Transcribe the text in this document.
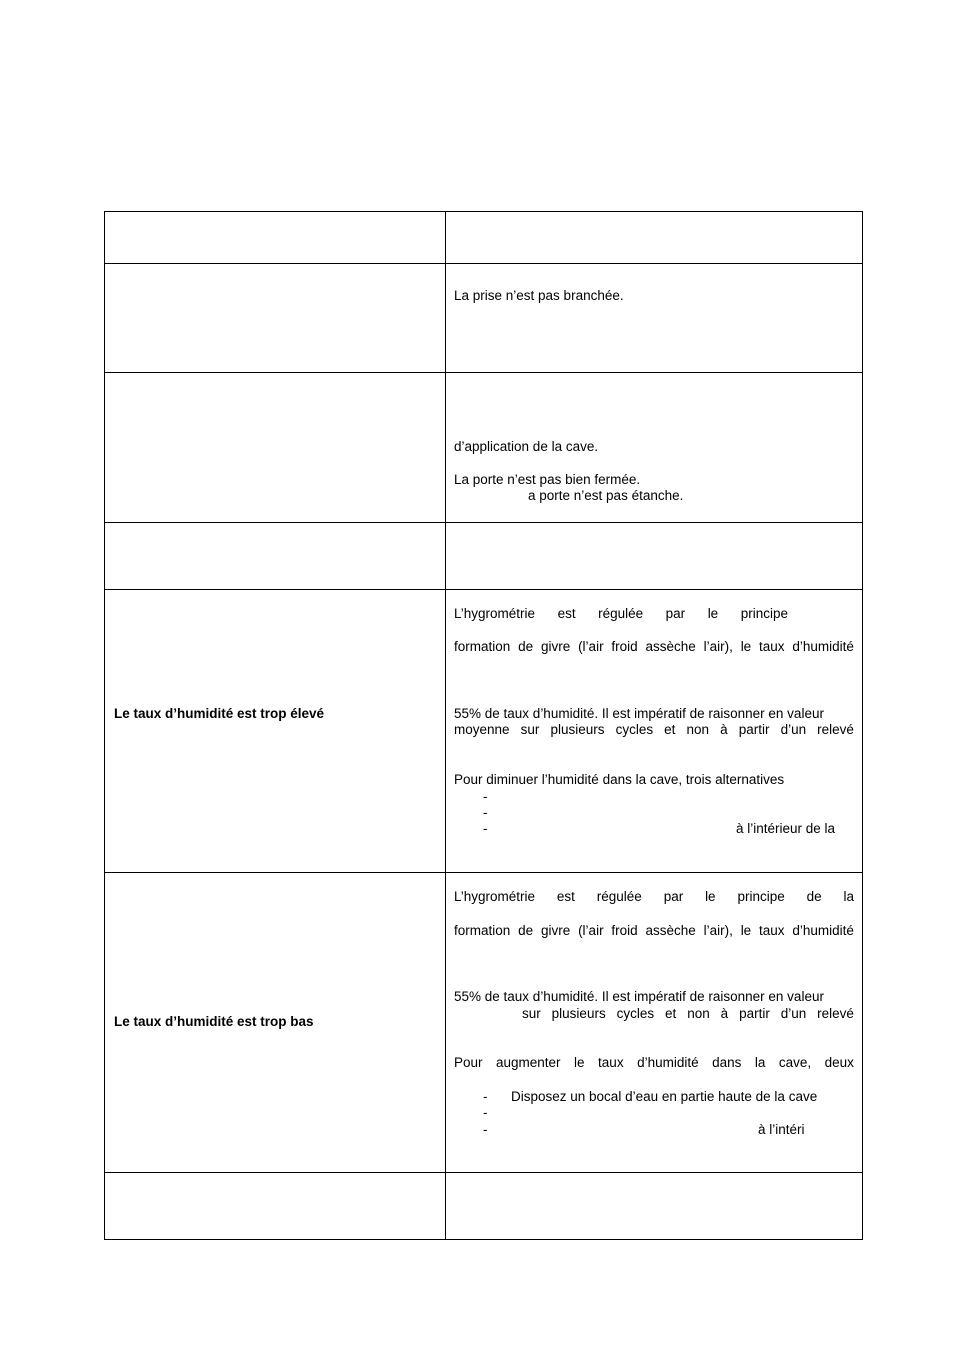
La prise n’est pas branchée.
d’application de la cave.
La porte n’est pas bien fermée.
a porte n’est pas étanche.
Le taux d’humidité est trop élevé
L’hygrométrie est régulée par le principe
formation de givre (l’air froid assèche l’air), le taux d’humidité
55% de taux d’humidité. Il est impératif de raisonner en valeur
moyenne sur plusieurs cycles et non à partir d’un relevé
Pour diminuer l’humidité dans la cave, trois alternatives
-
-
-	à l’intérieur de la
Le taux d’humidité est trop bas
L’hygrométrie est régulée par le principe de la
formation de givre (l’air froid assèche l’air), le taux d’humidité
55% de taux d’humidité. Il est impératif de raisonner en valeur
sur plusieurs cycles et non à partir d’un relevé
Pour augmenter le taux d’humidité dans la cave, deux
- Disposez un bocal d’eau en partie haute de la cave
-
-	à l’intéri
